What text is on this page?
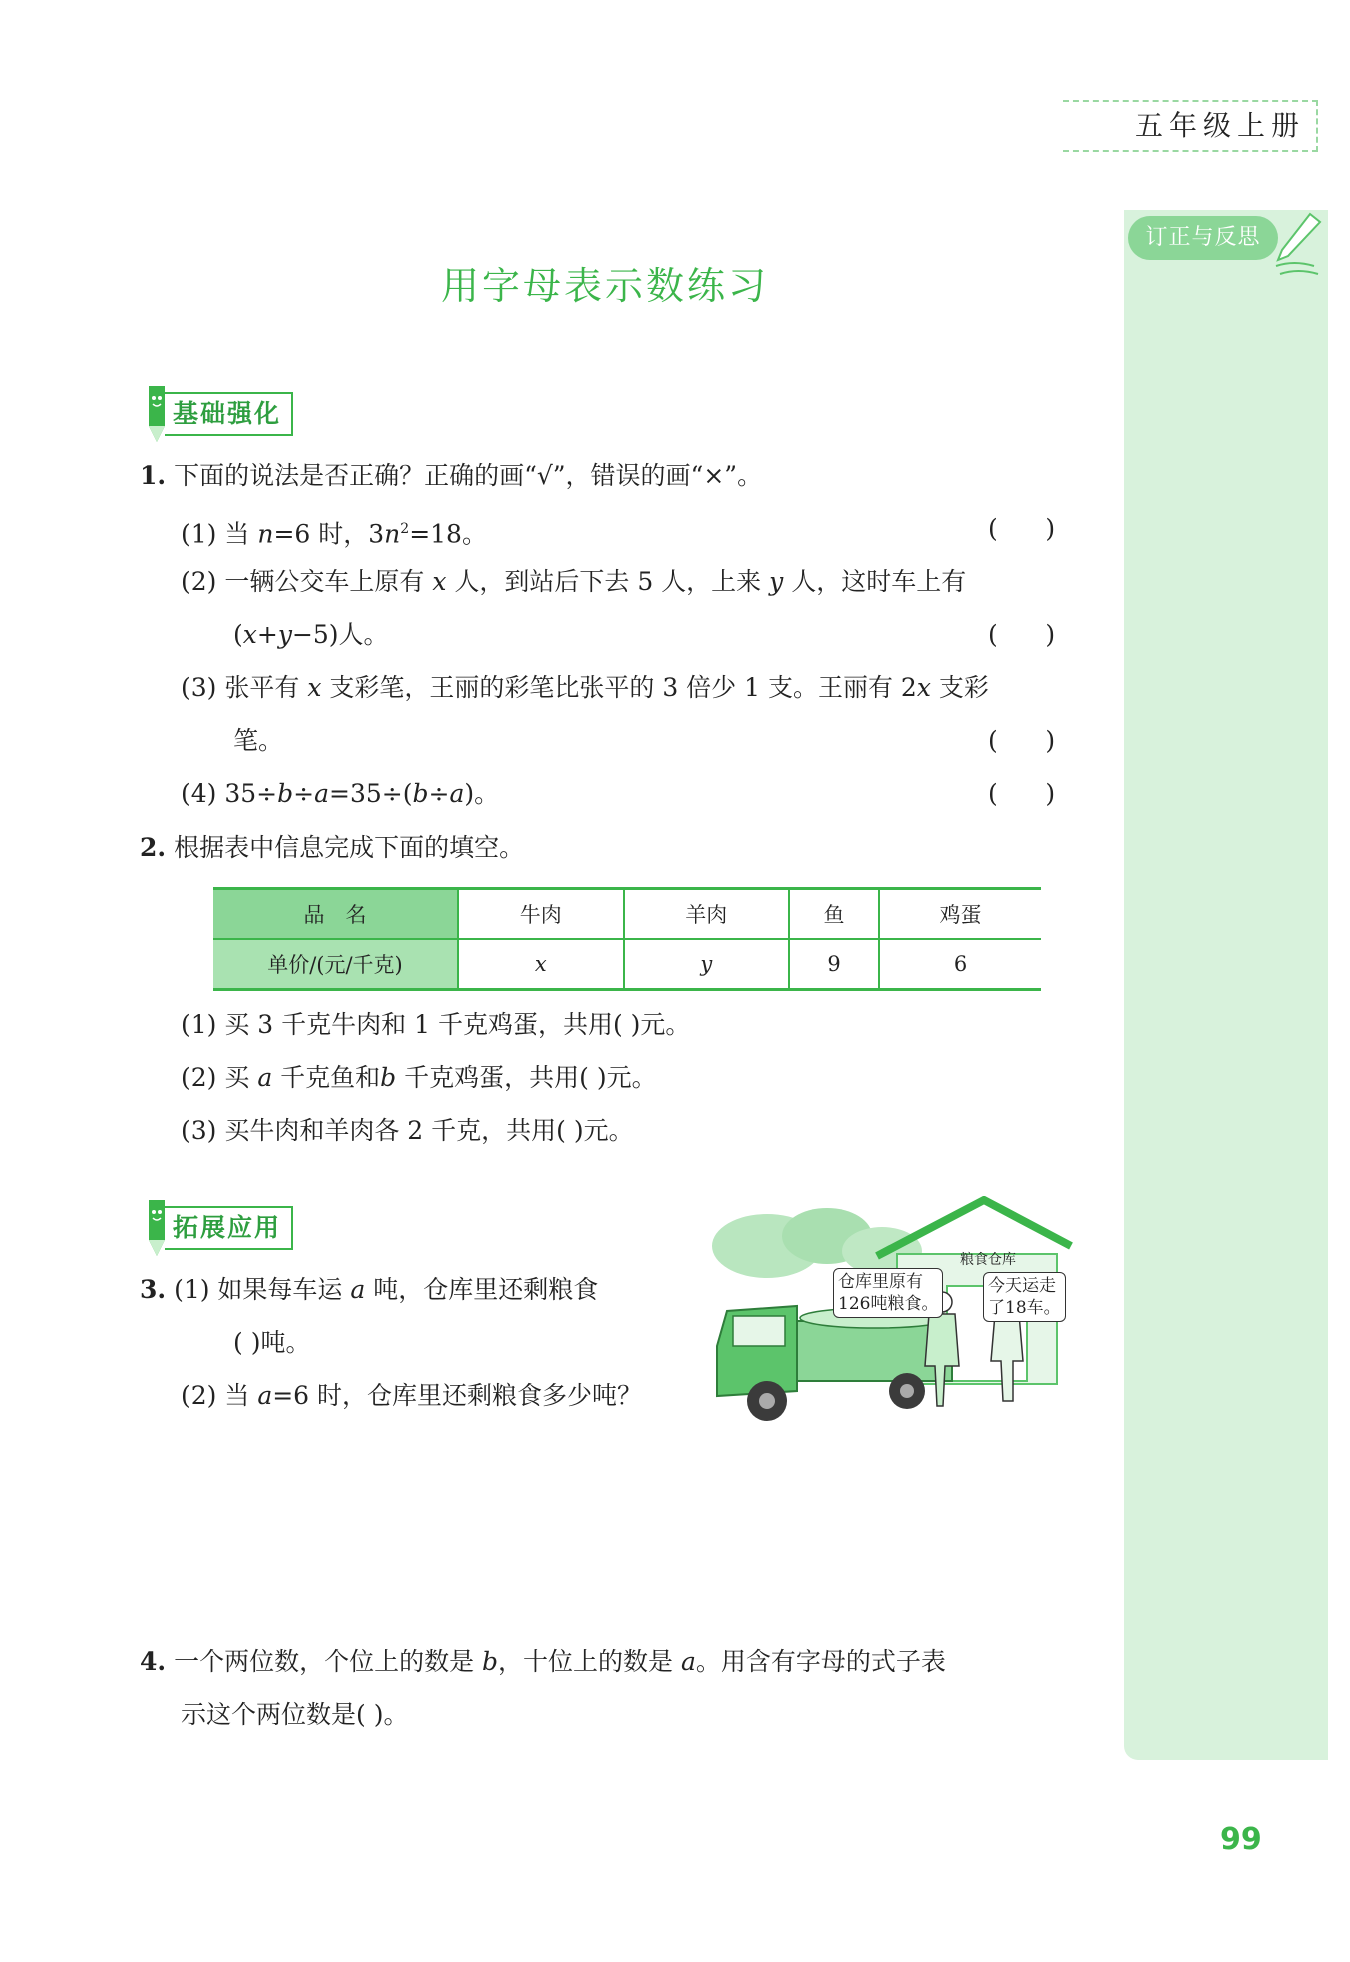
五年级上册
订正与反思
用字母表示数练习
基础强化
1. 下面的说法是否正确？正确的画“√”，错误的画“×”。
(1) 当 n=6 时，$3n^2=18$。	(      )
(2) 一辆公交车上原有 x 人，到站后下去 5 人，上来 y 人，这时车上有
(x+y−5)人。	(      )
(3) 张平有 x 支彩笔，王丽的彩笔比张平的 3 倍少 1 支。王丽有 2x 支彩
笔。	(      )
(4) 35÷b÷a=35÷(b÷a)。	(      )
2. 根据表中信息完成下面的填空。
品　名	牛肉	羊肉	鱼	鸡蛋
单价/(元/千克)	x	y	9	6
(1) 买 3 千克牛肉和 1 千克鸡蛋，共用( )元。
(2) 买 a 千克鱼和b 千克鸡蛋，共用( )元。
(3) 买牛肉和羊肉各 2 千克，共用( )元。
拓展应用
3. (1) 如果每车运 a 吨，仓库里还剩粮食
( )吨。
(2) 当 a=6 时，仓库里还剩粮食多少吨？
粮食仓库
仓库里原有
126吨粮食。
今天运走
了18车。
4. 一个两位数，个位上的数是 b，十位上的数是 a。用含有字母的式子表
示这个两位数是( )。
99
